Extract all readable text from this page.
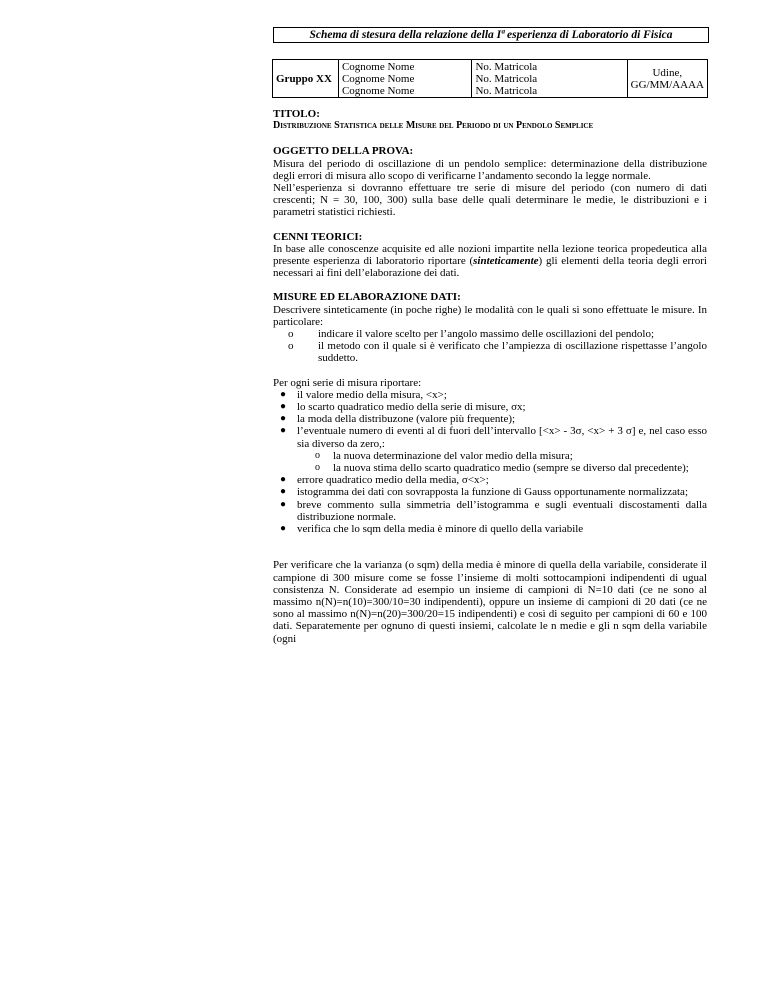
Schema di stesura della relazione della Iª esperienza di Laboratorio di Fisica
Gruppo XX	
Cognome Nome
Cognome Nome
Cognome Nome

No. Matricola
No. Matricola
No. Matricola

Udine,
GG/MM/AAAA

TITOLO:

Distribuzione Statistica delle Misure del Periodo di un Pendolo Semplice

OGGETTO DELLA PROVA:

Misura del periodo di oscillazione di un pendolo semplice: determinazione della distribuzione degli errori di misura allo scopo di verificarne l’andamento secondo la legge normale.

Nell’esperienza si dovranno effettuare tre serie di misure del periodo (con numero di dati crescenti; N = 30, 100, 300) sulla base delle quali determinare le medie, le distribuzioni e i parametri statistici richiesti.

CENNI TEORICI:

In base alle conoscenze acquisite ed alle nozioni impartite nella lezione teorica propedeutica alla presente esperienza di laboratorio riportare (sinteticamente) gli elementi della teoria degli errori necessari ai fini dell’elaborazione dei dati.

MISURE ED ELABORAZIONE DATI:

Descrivere sinteticamente (in poche righe) le modalità con le quali si sono effettuate le misure. In particolare:

o indicare il valore scelto per l’angolo massimo delle oscillazioni del pendolo;
o il metodo con il quale si è verificato che l’ampiezza di oscillazione rispettasse l’angolo suddetto.

Per ogni serie di misura riportare:

● il valore medio della misura, <x>;
● lo scarto quadratico medio della serie di misure, σx;
● la moda della distribuzone (valore più frequente);
● l’eventuale numero di eventi al di fuori dell’intervallo [<x> - 3σ, <x> + 3 σ] e, nel caso esso sia diverso da zero,:
o la nuova determinazione del valor medio della misura;
o la nuova stima dello scarto quadratico medio (sempre se diverso dal precedente);
● errore quadratico medio della media, σ<x>;
● istogramma dei dati con sovrapposta la funzione di Gauss opportunamente normalizzata;
● breve commento sulla simmetria dell’istogramma e sugli eventuali discostamenti dalla distribuzione normale.
● verifica che lo sqm della media è minore di quello della variabile

Per verificare che la varianza (o sqm) della media è minore di quella della variabile, considerate il campione di 300 misure come se fosse l’insieme di molti sottocampioni indipendenti di ugual consistenza N. Considerate ad esempio un insieme di campioni di N=10 dati (ce ne sono al massimo n(N)=n(10)=300/10=30 indipendenti), oppure un insieme di campioni di 20 dati (ce ne sono al massimo n(N)=n(20)=300/20=15 indipendenti) e così di seguito per campioni di 60 e 100 dati. Separatemente per ognuno di questi insiemi, calcolate le n medie e gli n sqm della variabile (ogni
